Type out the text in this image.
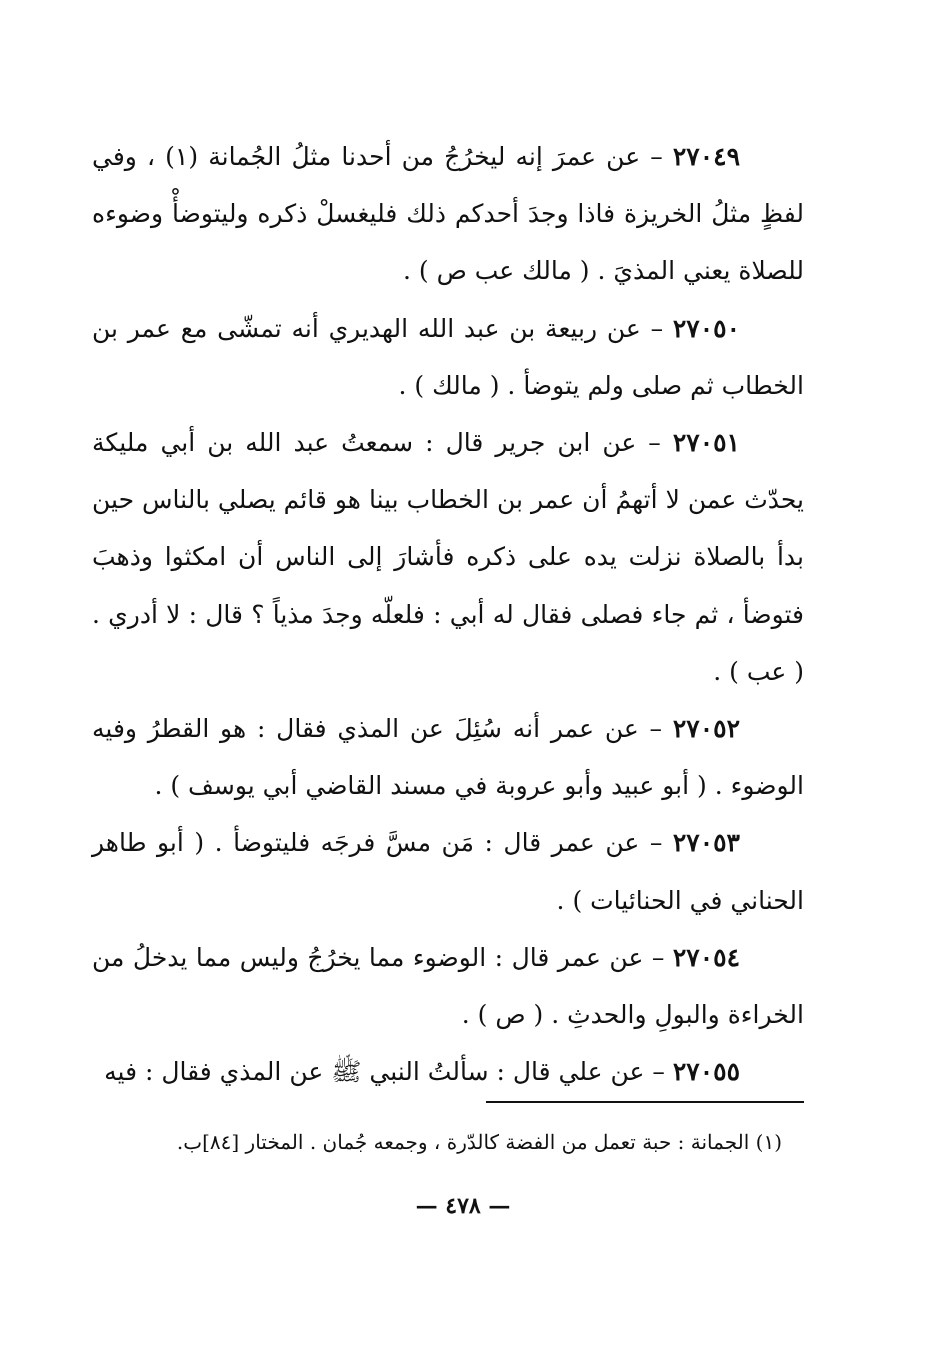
٢٧٠٤٩ – عن عمرَ إنه ليخرُجُ من أحدنا مثلُ الجُمانة (١) ، وفي لفظٍ مثلُ الخريزة فاذا وجدَ أحدكم ذلك فليغسلْ ذكره وليتوضأْ وضوءه للصلاة يعني المذيَ . ( مالك عب ص ) .

٢٧٠٥٠ – عن ربيعة بن عبد الله الهديري أنه تمشّى مع عمر بن الخطاب ثم صلى ولم يتوضأ . ( مالك ) .

٢٧٠٥١ – عن ابن جرير قال : سمعتُ عبد الله بن أبي مليكة يحدّث عمن لا أتهمُ أن عمر بن الخطاب بينا هو قائم يصلي بالناس حين بدأ بالصلاة نزلت يده على ذكره فأشارَ إلى الناس أن امكثوا وذهبَ فتوضأ ، ثم جاء فصلى فقال له أبي : فلعلّه وجدَ مذياً ؟ قال : لا أدري . ( عب ) .

٢٧٠٥٢ – عن عمر أنه سُئِلَ عن المذي فقال : هو القطرُ وفيه الوضوء . ( أبو عبيد وأبو عروبة في مسند القاضي أبي يوسف ) .

٢٧٠٥٣ – عن عمر قال : مَن مسَّ فرجَه فليتوضأ . ( أبو طاهر الحناني في الحنائيات ) .

٢٧٠٥٤ – عن عمر قال : الوضوء مما يخرُجُ وليس مما يدخلُ من الخراءة والبولِ والحدثِ . ( ص ) .

٢٧٠٥٥ – عن علي قال : سألتُ النبي ﷺ عن المذي فقال : فيه

(١) الجمانة : حبة تعمل من الفضة كالدّرة ، وجمعه جُمان . المختار [٨٤]ب.
— ٤٧٨ —
